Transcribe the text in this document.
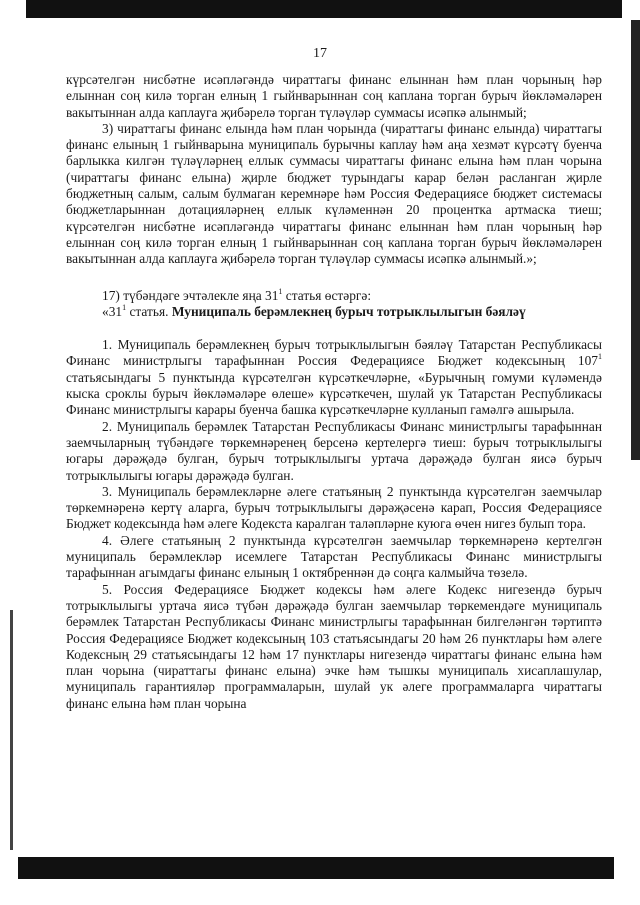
17

күрсәтелгән нисбәтне исәпләгәндә чираттагы финанс елыннан һәм план чорының һәр елыннан соң килә торган елның 1 гыйнварыннан соң каплана торган бурыч йөкләмәләрен вакытыннан алда каплауга җибәрелә торган түләүләр суммасы исәпкә алынмый;

3) чираттагы финанс елында һәм план чорында (чираттагы финанс елында) чираттагы финанс елының 1 гыйнварына муниципаль бурычны каплау һәм аңа хезмәт күрсәтү буенча барлыкка килгән түләүләрнең еллык суммасы чираттагы финанс елына һәм план чорына (чираттагы финанс елына) җирле бюджет турындагы карар белән расланган җирле бюджетның салым, салым булмаган керемнәре һәм Россия Федерациясе бюджет системасы бюджетларыннан дотацияләрнең еллык күләменнән 20 процентка артмаска тиеш; күрсәтелгән нисбәтне исәпләгәндә чираттагы финанс елыннан һәм план чорының һәр елыннан соң килә торган елның 1 гыйнварыннан соң каплана торган бурыч йөкләмәләрен вакытыннан алда каплауга җибәрелә торган түләүләр суммасы исәпкә алынмый.»;

17) түбәндәге эчтәлекле яңа $31^1$ статья өстәргә:

«$31^1$ статья. Муниципаль берәмлекнең бурыч тотрыклылыгын бәяләү

1. Муниципаль берәмлекнең бурыч тотрыклылыгын бәяләү Татарстан Республикасы Финанс министрлыгы тарафыннан Россия Федерациясе Бюджет кодексының $107^1$ статьясындагы 5 пунктында күрсәтелгән күрсәткечләрне, «Бурычның гомуми күләмендә кыска сроклы бурыч йөкләмәләре өлеше» күрсәткечен, шулай ук Татарстан Республикасы Финанс министрлыгы карары буенча башка күрсәткечләрне кулланып гамәлгә ашырыла.

2. Муниципаль берәмлек Татарстан Республикасы Финанс министрлыгы тарафыннан заемчыларның түбәндәге төркемнәренең берсенә кертелергә тиеш: бурыч тотрыклылыгы югары дәрәҗәдә булган, бурыч тотрыклылыгы уртача дәрәҗәдә булган яисә бурыч тотрыклылыгы югары дәрәҗәдә булган.

3. Муниципаль берәмлекләрне әлеге статьяның 2 пунктында күрсәтелгән заемчылар төркемнәренә кертү аларга, бурыч тотрыклылыгы дәрәҗәсенә карап, Россия Федерациясе Бюджет кодексында һәм әлеге Кодекста каралган таләпләрне куюга өчен нигез булып тора.

4. Әлеге статьяның 2 пунктында күрсәтелгән заемчылар төркемнәренә кертелгән муниципаль берәмлекләр исемлеге Татарстан Республикасы Финанс министрлыгы тарафыннан агымдагы финанс елының 1 октябреннән дә соңга калмыйча төзелә.

5. Россия Федерациясе Бюджет кодексы һәм әлеге Кодекс нигезендә бурыч тотрыклылыгы уртача яисә түбән дәрәҗәдә булган заемчылар төркемендәге муниципаль берәмлек Татарстан Республикасы Финанс министрлыгы тарафыннан билгеләнгән тәртиптә Россия Федерациясе Бюджет кодексының 103 статьясындагы 20 һәм 26 пунктлары һәм әлеге Кодексның 29 статьясындагы 12 һәм 17 пунктлары нигезендә чираттагы финанс елына һәм план чорына (чираттагы финанс елына) эчке һәм тышкы муниципаль хисаплашулар, муниципаль гарантияләр программаларын, шулай ук әлеге программаларга чираттагы финанс елына һәм план чорына
